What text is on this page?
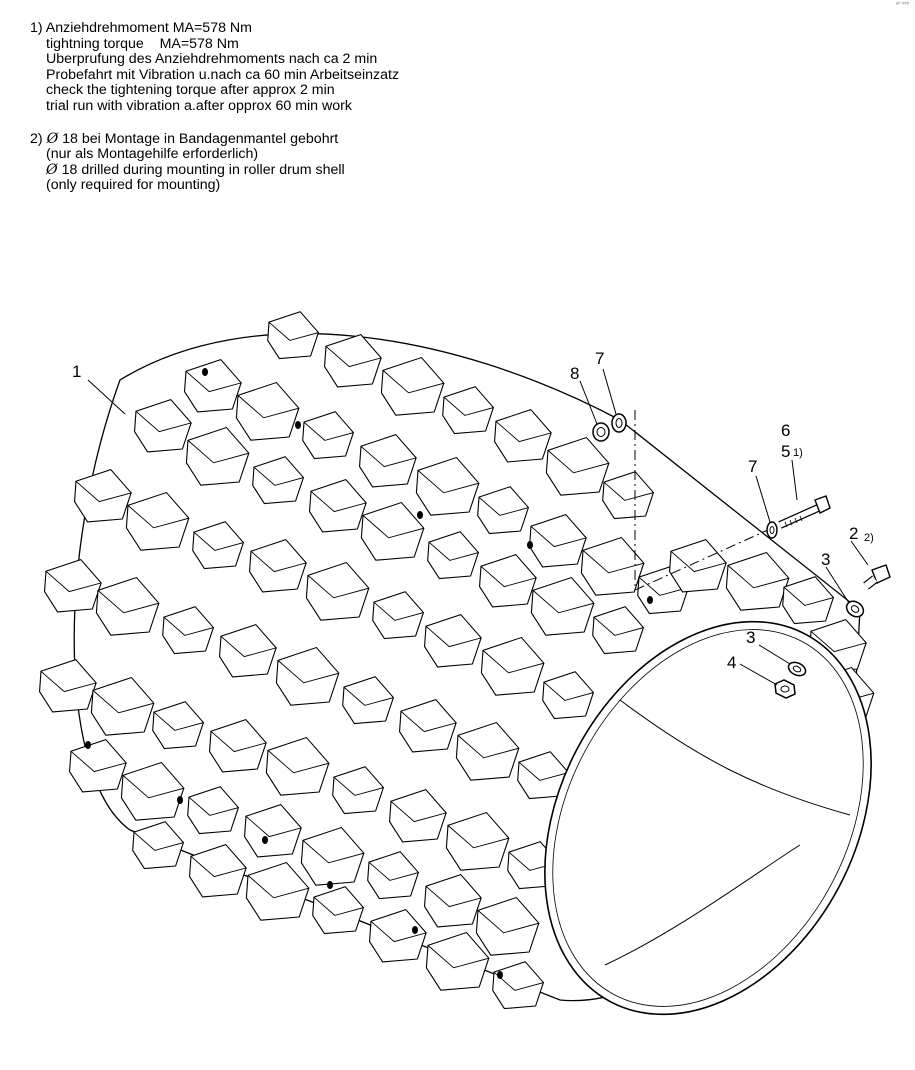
1) Anziehdrehmoment MA=578 Nm
tightning torque    MA=578 Nm
Uberprufung des Anziehdrehmoments nach ca 2 min
Probefahrt mit Vibration u.nach ca 60 min Arbeitseinzatz
check the tightening torque after approx 2 min
trial run with vibration a.after opprox 60 min work
2) Ø 18 bei Montage in Bandagenmantel gebohrt
(nur als Montagehilfe erforderlich)
Ø 18 drilled during mounting in roller drum shell
(only required for mounting)
ᵃ⁰ ᵐᵐ
1	8
7
6
5 1)
7
2 2)
3
3
4
